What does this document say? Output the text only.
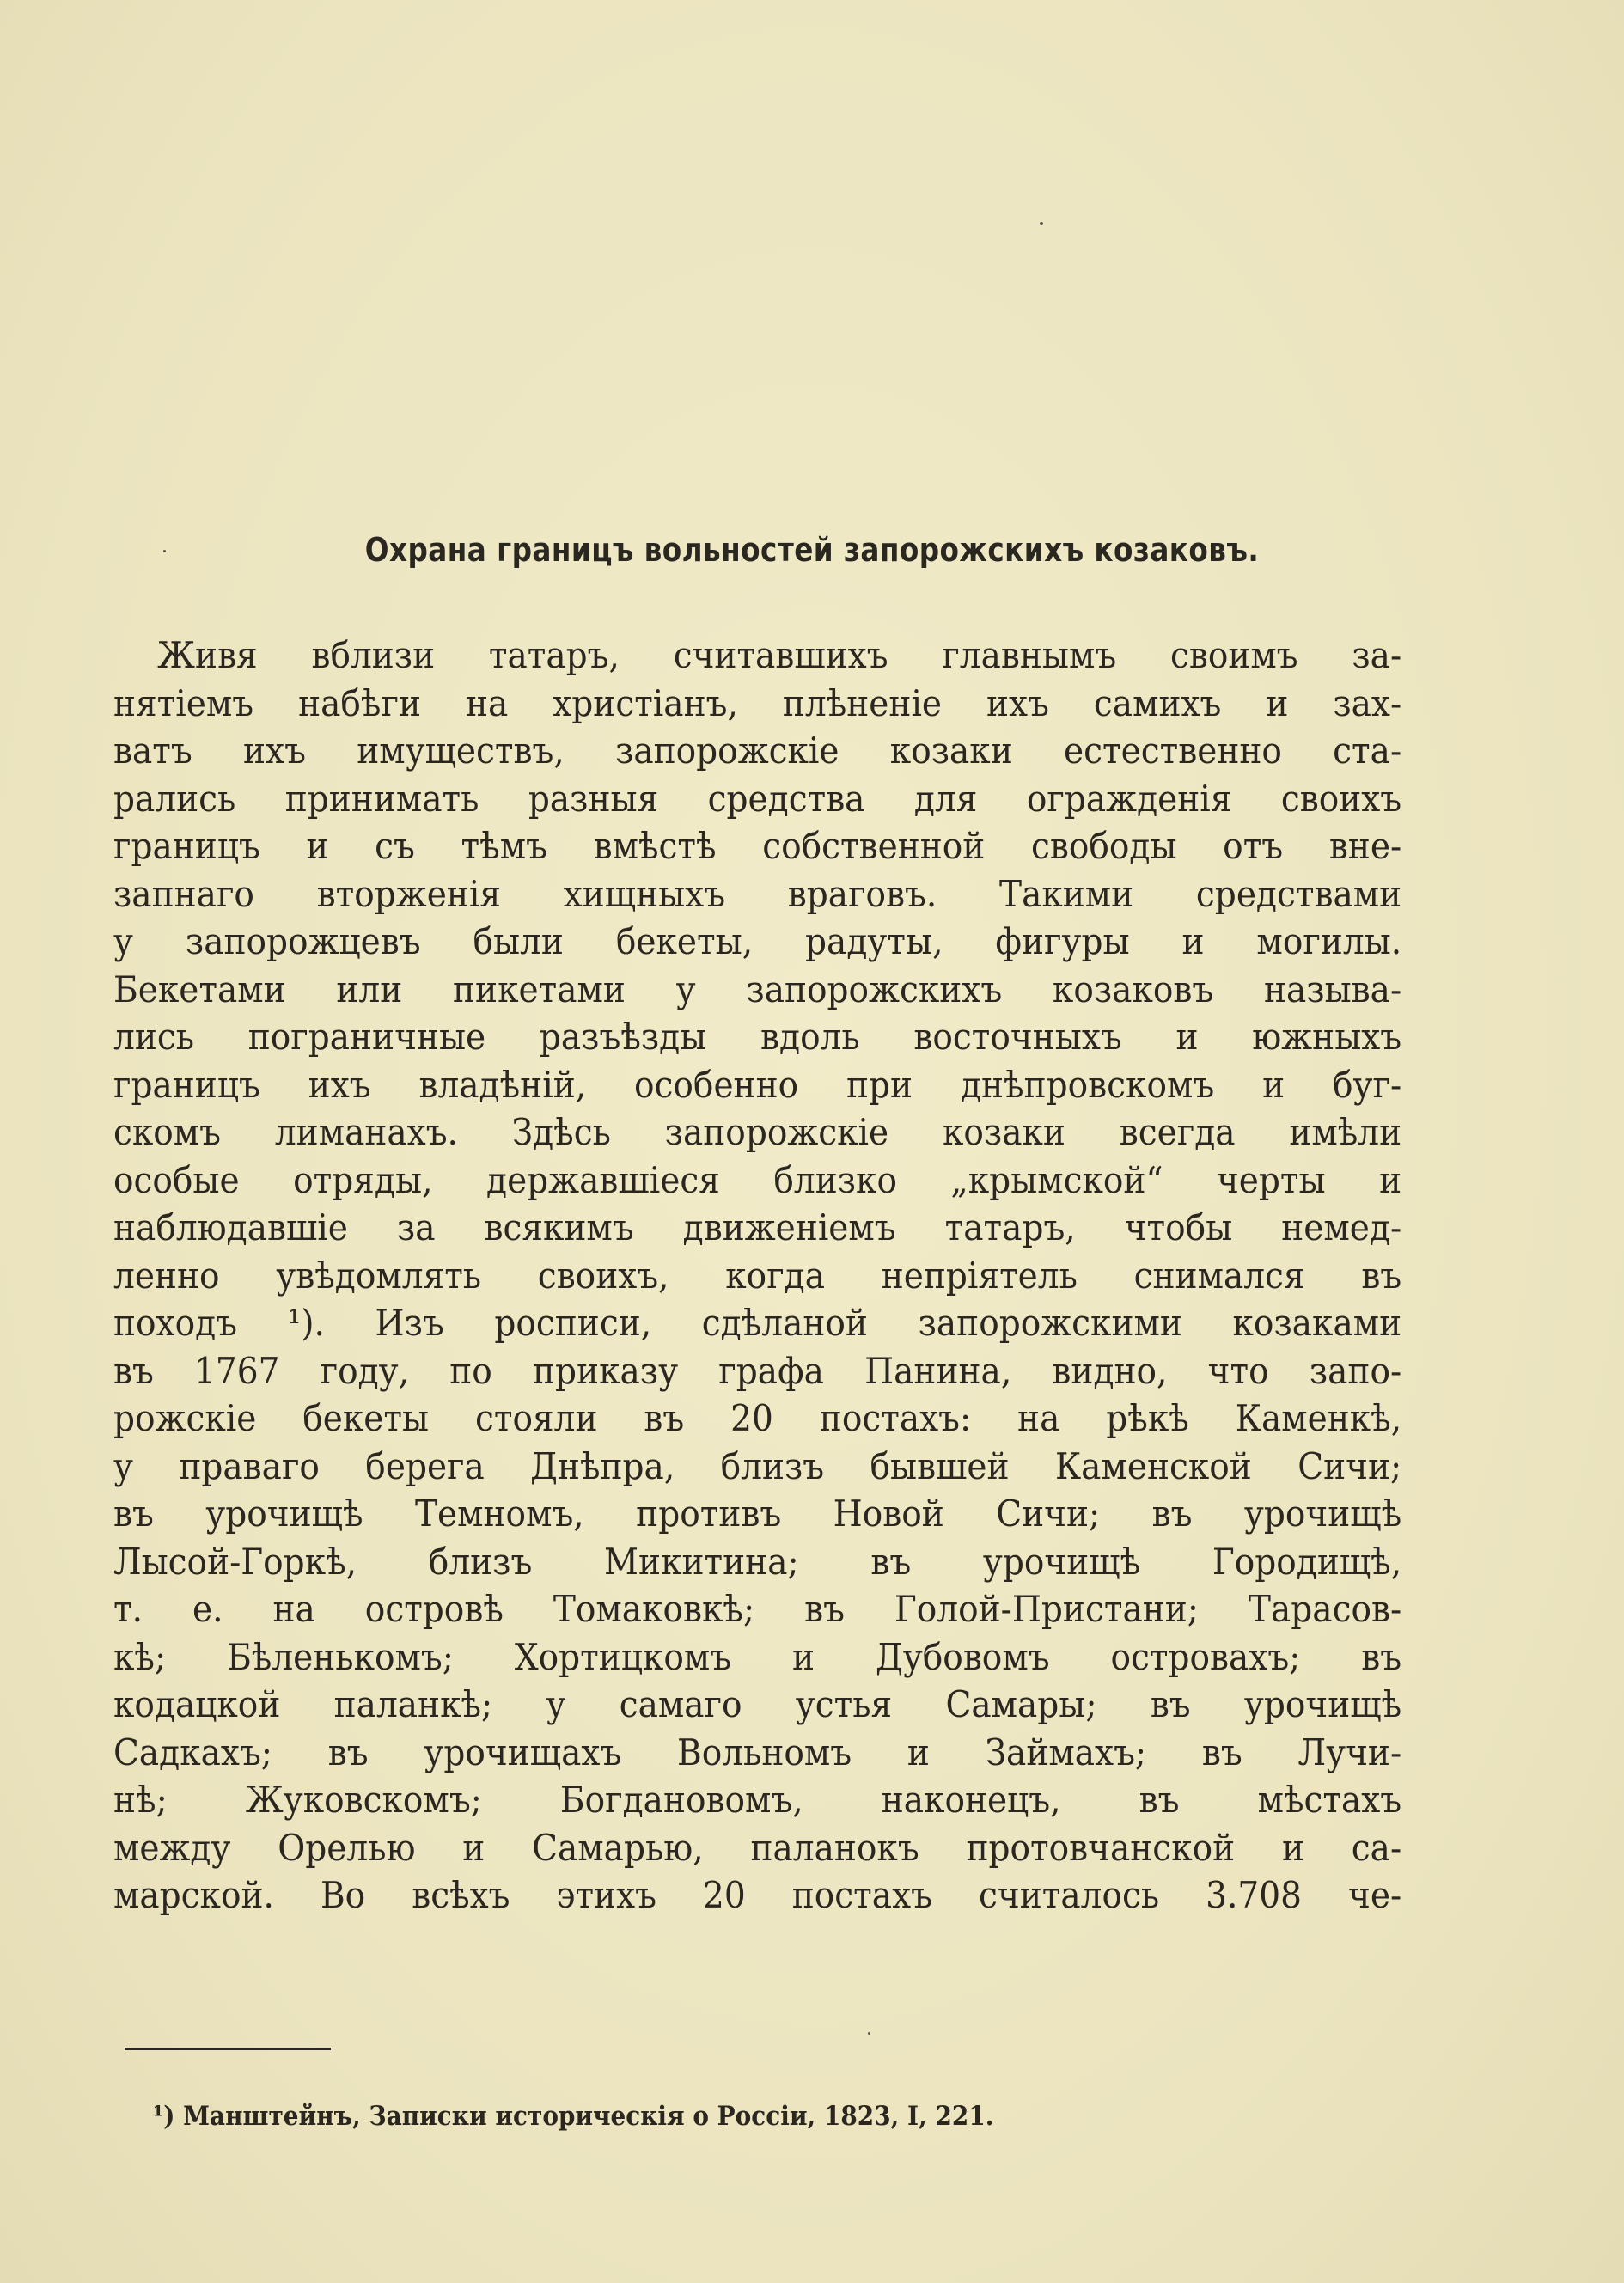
Охрана границъ вольностей запорожскихъ козаковъ.
Живя вблизи татаръ, считавшихъ главнымъ своимъ за-
нятіемъ набѣги на христіанъ, плѣненіе ихъ самихъ и зах-
ватъ ихъ имуществъ, запорожскіе козаки естественно ста-
рались принимать разныя средства для огражденія своихъ
границъ и съ тѣмъ вмѣстѣ собственной свободы отъ вне-
запнаго вторженія хищныхъ враговъ. Такими средствами
у запорожцевъ были бекеты, радуты, фигуры и могилы.
Бекетами или пикетами у запорожскихъ козаковъ называ-
лись пограничные разъѣзды вдоль восточныхъ и южныхъ
границъ ихъ владѣній, особенно при днѣпровскомъ и буг-
скомъ лиманахъ. Здѣсь запорожскіе козаки всегда имѣли
особые отряды, державшіеся близко „крымской“ черты и
наблюдавшіе за всякимъ движеніемъ татаръ, чтобы немед-
ленно увѣдомлять своихъ, когда непріятель снимался въ
походъ ¹). Изъ росписи, сдѣланой запорожскими козаками
въ 1767 году, по приказу графа Панина, видно, что запо-
рожскіе бекеты стояли въ 20 постахъ: на рѣкѣ Каменкѣ,
у праваго берега Днѣпра, близъ бывшей Каменской Сичи;
въ урочищѣ Темномъ, противъ Новой Сичи; въ урочищѣ
Лысой-Горкѣ, близъ Микитина; въ урочищѣ Городищѣ,
т. е. на островѣ Томаковкѣ; въ Голой-Пристани; Тарасов-
кѣ; Бѣленькомъ; Хортицкомъ и Дубовомъ островахъ; въ
кодацкой паланкѣ; у самаго устья Самары; въ урочищѣ
Садкахъ; въ урочищахъ Вольномъ и Займахъ; въ Лучи-
нѣ; Жуковскомъ; Богдановомъ, наконецъ, въ мѣстахъ
между Орелью и Самарью, паланокъ протовчанской и са-
марской. Во всѣхъ этихъ 20 постахъ считалось 3.708 че-
¹) Манштейнъ, Записки историческія о Россіи, 1823, I, 221.
